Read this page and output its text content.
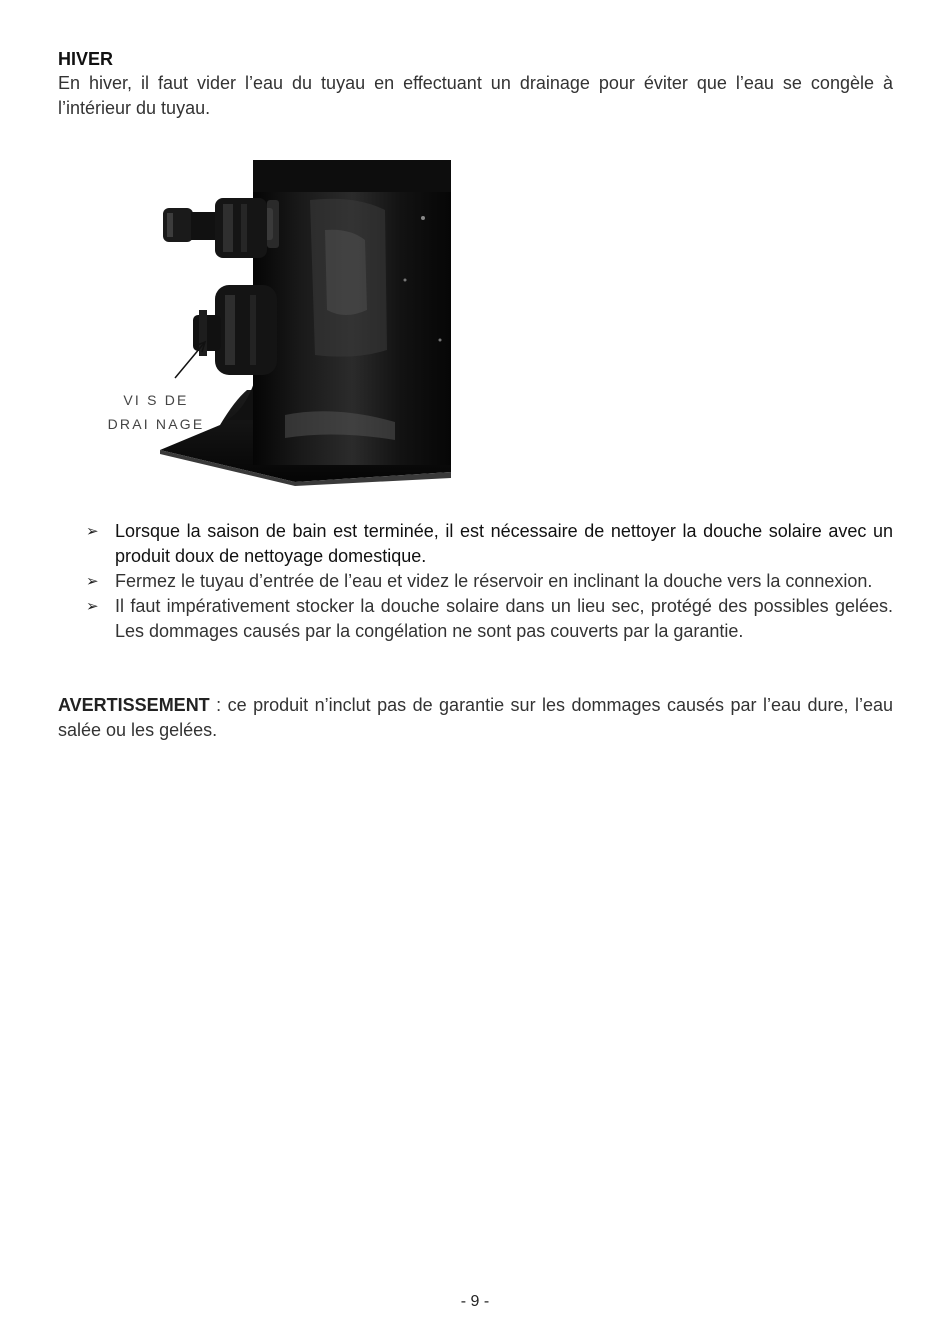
HIVER
En hiver, il faut vider l’eau du tuyau en effectuant un drainage pour éviter que l’eau se congèle à l’intérieur du tuyau.
VI S DE
DRAI NAGE
➢ Lorsque la saison de bain est terminée, il est nécessaire de nettoyer la douche solaire avec un produit doux de nettoyage domestique.
➢ Fermez le tuyau d’entrée de l’eau et videz le réservoir en inclinant la douche vers la connexion.
➢ Il faut impérativement stocker la douche solaire dans un lieu sec, protégé des possibles gelées. Les dommages causés par la congélation ne sont pas couverts par la garantie.
AVERTISSEMENT : ce produit n’inclut pas de garantie sur les dommages causés par l’eau dure, l’eau salée ou les gelées.
- 9 -
